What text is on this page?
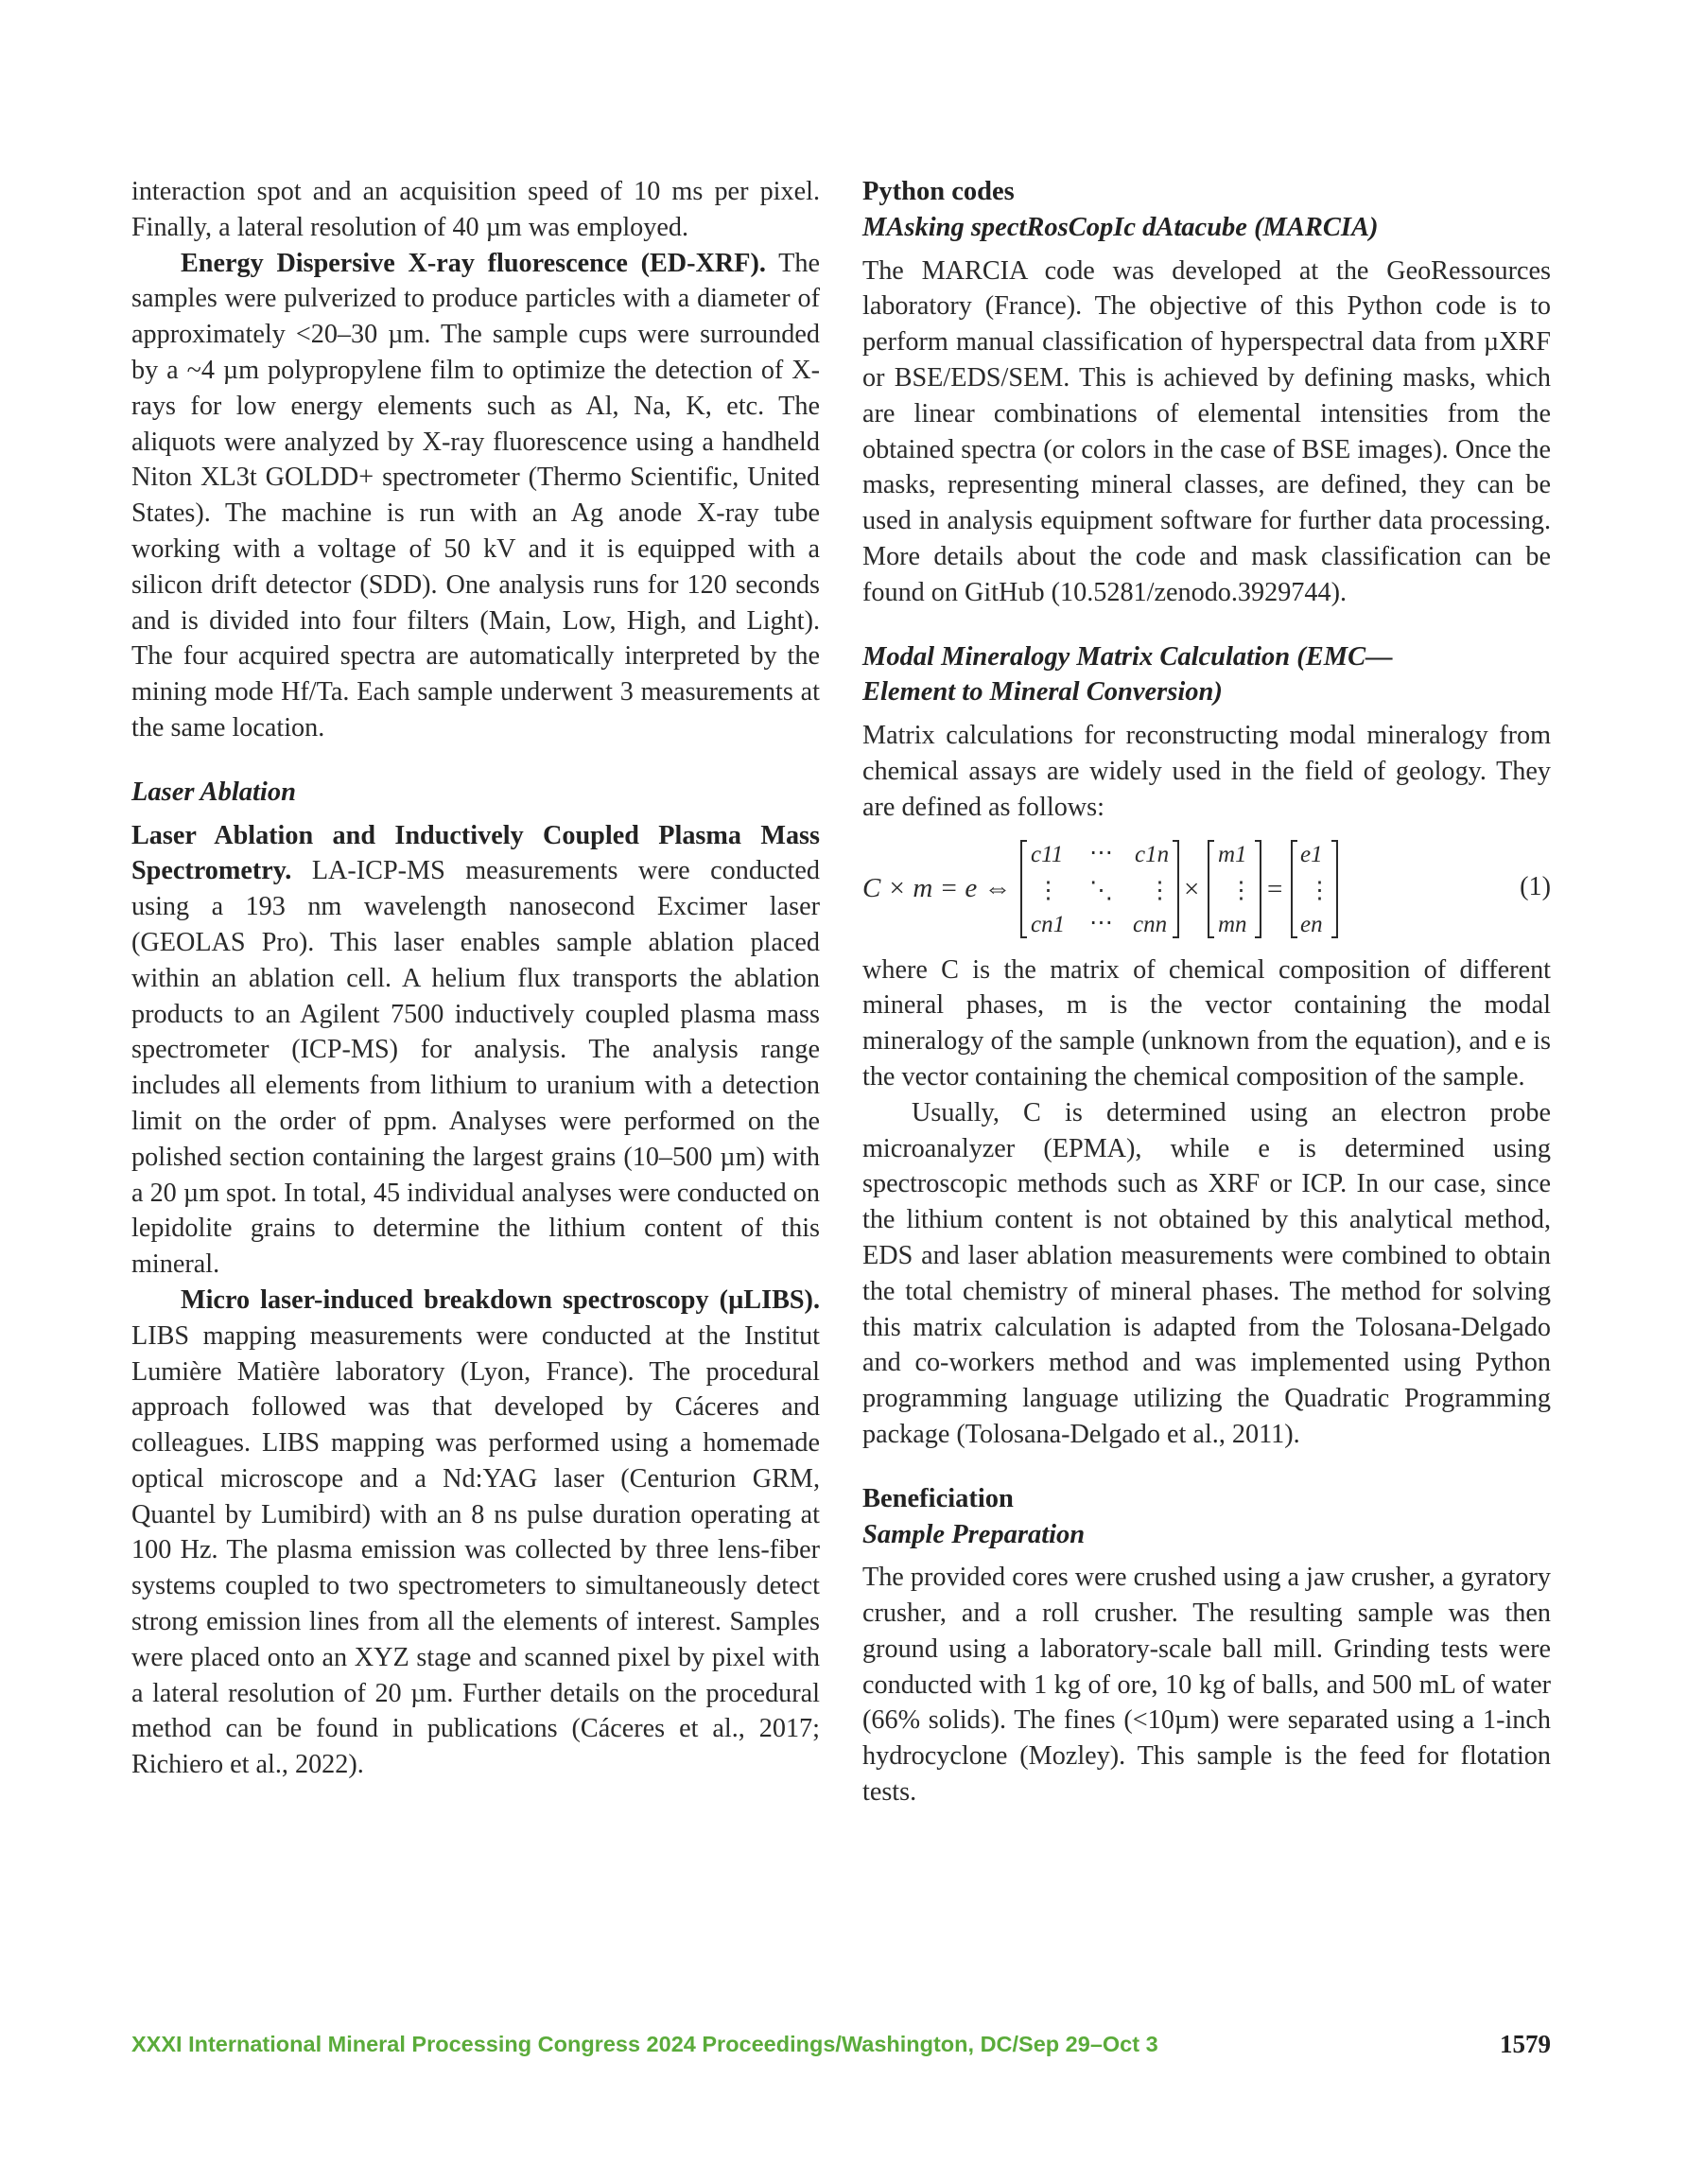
interaction spot and an acquisition speed of 10 ms per pixel. Finally, a lateral resolution of 40 µm was employed.

Energy Dispersive X-ray fluorescence (ED-XRF). The samples were pulverized to produce particles with a diameter of approximately <20–30 µm. The sample cups were surrounded by a ~4 µm polypropylene film to optimize the detection of X-rays for low energy elements such as Al, Na, K, etc. The aliquots were analyzed by X-ray fluorescence using a handheld Niton XL3t GOLDD+ spectrometer (Thermo Scientific, United States). The machine is run with an Ag anode X-ray tube working with a voltage of 50 kV and it is equipped with a silicon drift detector (SDD). One analysis runs for 120 seconds and is divided into four filters (Main, Low, High, and Light). The four acquired spectra are automatically interpreted by the mining mode Hf/Ta. Each sample underwent 3 measurements at the same location.

Laser Ablation

Laser Ablation and Inductively Coupled Plasma Mass Spectrometry. LA-ICP-MS measurements were conducted using a 193 nm wavelength nanosecond Excimer laser (GEOLAS Pro). This laser enables sample ablation placed within an ablation cell. A helium flux transports the ablation products to an Agilent 7500 inductively coupled plasma mass spectrometer (ICP-MS) for analysis. The analysis range includes all elements from lithium to uranium with a detection limit on the order of ppm. Analyses were performed on the polished section containing the largest grains (10–500 µm) with a 20 µm spot. In total, 45 individual analyses were conducted on lepidolite grains to determine the lithium content of this mineral.

Micro laser-induced breakdown spectroscopy (µLIBS). LIBS mapping measurements were conducted at the Institut Lumière Matière laboratory (Lyon, France). The procedural approach followed was that developed by Cáceres and colleagues. LIBS mapping was performed using a homemade optical microscope and a Nd:YAG laser (Centurion GRM, Quantel by Lumibird) with an 8 ns pulse duration operating at 100 Hz. The plasma emission was collected by three lens-fiber systems coupled to two spectrometers to simultaneously detect strong emission lines from all the elements of interest. Samples were placed onto an XYZ stage and scanned pixel by pixel with a lateral resolution of 20 µm. Further details on the procedural method can be found in publications (Cáceres et al., 2017; Richiero et al., 2022).

Python codes
MAsking spectRosCopIc dAtacube (MARCIA)

The MARCIA code was developed at the GeoRessources laboratory (France). The objective of this Python code is to perform manual classification of hyperspectral data from µXRF or BSE/EDS/SEM. This is achieved by defining masks, which are linear combinations of elemental intensities from the obtained spectra (or colors in the case of BSE images). Once the masks, representing mineral classes, are defined, they can be used in analysis equipment software for further data processing. More details about the code and mask classification can be found on GitHub (10.5281/zenodo.3929744).

Modal Mineralogy Matrix Calculation (EMC—
Element to Mineral Conversion)

Matrix calculations for reconstructing modal mineralogy from chemical assays are widely used in the field of geology. They are defined as follows:

C × m = e ⇔
c11 ⋯ c1n
⋮ ⋱ ⋮
cn1 ⋯ cnn
×
m1
⋮
mn
=
e1
⋮
en
(1)

where C is the matrix of chemical composition of different mineral phases, m is the vector containing the modal mineralogy of the sample (unknown from the equation), and e is the vector containing the chemical composition of the sample.

Usually, C is determined using an electron probe microanalyzer (EPMA), while e is determined using spectroscopic methods such as XRF or ICP. In our case, since the lithium content is not obtained by this analytical method, EDS and laser ablation measurements were combined to obtain the total chemistry of mineral phases. The method for solving this matrix calculation is adapted from the Tolosana-Delgado and co-workers method and was implemented using Python programming language utilizing the Quadratic Programming package (Tolosana-Delgado et al., 2011).

Beneficiation
Sample Preparation

The provided cores were crushed using a jaw crusher, a gyratory crusher, and a roll crusher. The resulting sample was then ground using a laboratory-scale ball mill. Grinding tests were conducted with 1 kg of ore, 10 kg of balls, and 500 mL of water (66% solids). The fines (<10µm) were separated using a 1-inch hydrocyclone (Mozley). This sample is the feed for flotation tests.

XXXI International Mineral Processing Congress 2024 Proceedings/Washington, DC/Sep 29–Oct 3	1579
